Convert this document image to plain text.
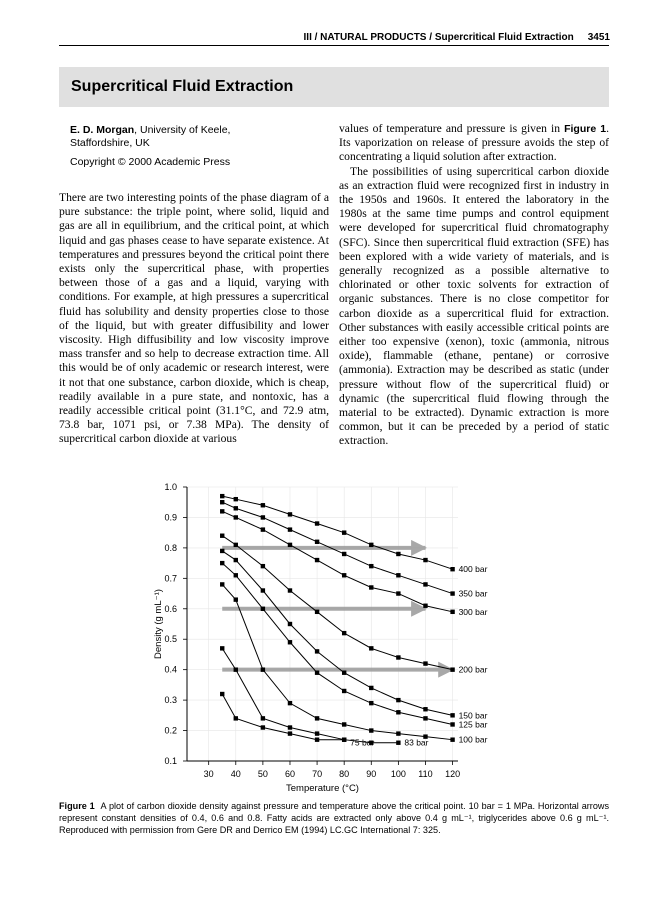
III / NATURAL PRODUCTS / Supercritical Fluid Extraction 3451
Supercritical Fluid Extraction
E. D. Morgan, University of Keele,
Staffordshire, UK
Copyright © 2000 Academic Press

There are two interesting points of the phase diagram of a pure substance: the triple point, where solid, liquid and gas are all in equilibrium, and the critical point, at which liquid and gas phases cease to have separate existence. At temperatures and pressures beyond the critical point there exists only the supercritical phase, with properties between those of a gas and a liquid, varying with conditions. For example, at high pressures a supercritical fluid has solubility and density properties close to those of the liquid, but with greater diffusibility and lower viscosity. High diffusibility and low viscosity improve mass transfer and so help to decrease extraction time. All this would be of only academic or research interest, were it not that one substance, carbon dioxide, which is cheap, readily available in a pure state, and nontoxic, has a readily accessible critical point (31.1°C, and 72.9 atm, 73.8 bar, 1071 psi, or 7.38 MPa). The density of supercritical carbon dioxide at various

values of temperature and pressure is given in Figure 1. Its vaporization on release of pressure avoids the step of concentrating a liquid solution after extraction.

The possibilities of using supercritical carbon dioxide as an extraction fluid were recognized first in industry in the 1950s and 1960s. It entered the laboratory in the 1980s at the same time pumps and control equipment were developed for supercritical fluid chromatography (SFC). Since then supercritical fluid extraction (SFE) has been explored with a wide variety of materials, and is generally recognized as a possible alternative to chlorinated or other toxic solvents for extraction of organic substances. There is no close competitor for carbon dioxide as a supercritical fluid for extraction. Other substances with easily accessible critical points are either too expensive (xenon), toxic (ammonia, nitrous oxide), flammable (ethane, pentane) or corrosive (ammonia). Extraction may be described as static (under pressure without flow of the supercritical fluid) or dynamic (the supercritical fluid flowing through the material to be extracted). Dynamic extraction is more common, but it can be preceded by a period of static extraction.

30 40 50 60 70 80 90 100 110 120
0.1
0.2
0.3
0.4
0.5
0.6
0.7
0.8
0.9
1.0
Temperature (°C)
Density (g mL⁻¹)
400 bar
350 bar
300 bar
200 bar
150 bar
125 bar
100 bar
83 bar
75 bar
Figure 1 A plot of carbon dioxide density against pressure and temperature above the critical point. 10 bar = 1 MPa. Horizontal arrows represent constant densities of 0.4, 0.6 and 0.8. Fatty acids are extracted only above 0.4 g mL⁻¹, triglycerides above 0.6 g mL⁻¹. Reproduced with permission from Gere DR and Derrico EM (1994) LC.GC International 7: 325.
